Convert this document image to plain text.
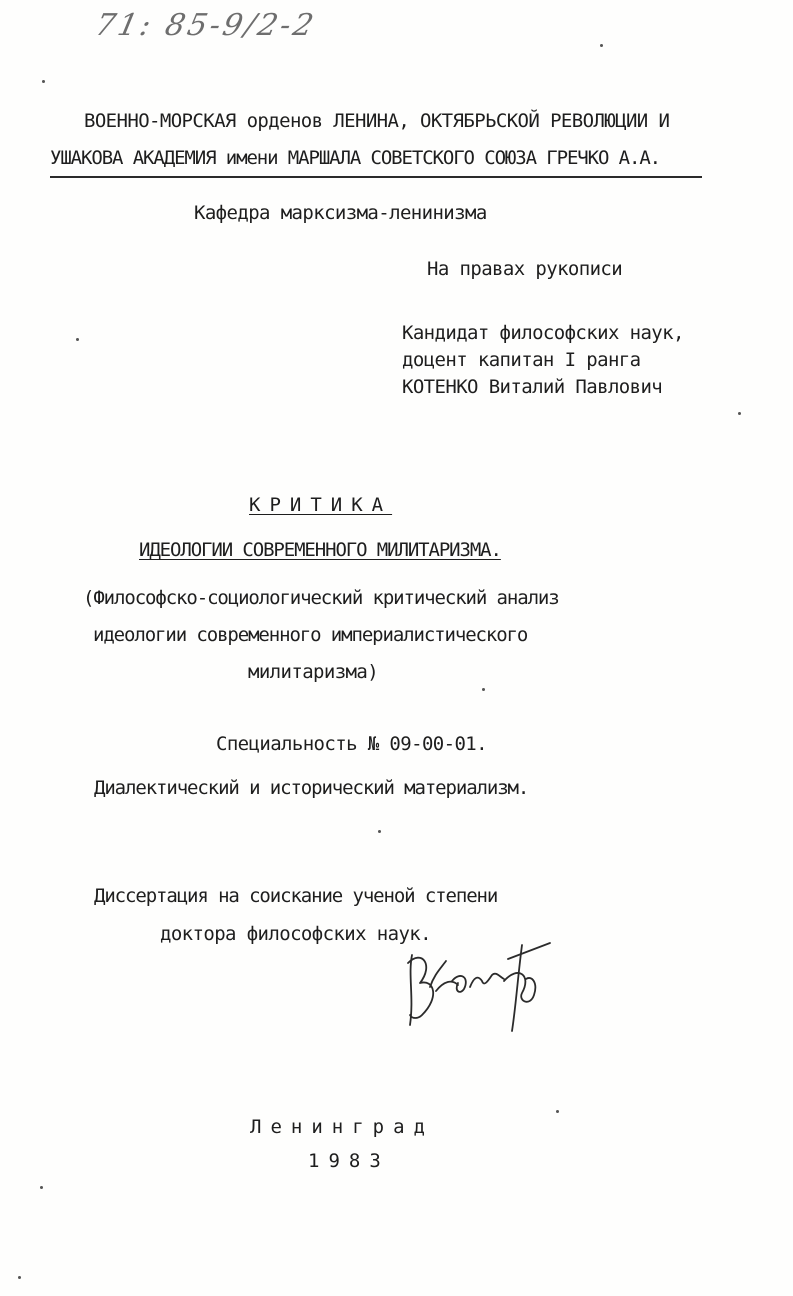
71: 85-9/2-2
ВОЕННО-МОРСКАЯ орденов ЛЕНИНА, ОКТЯБРЬСКОЙ РЕВОЛЮЦИИ И
УШАКОВА АКАДЕМИЯ имени МАРШАЛА СОВЕТСКОГО СОЮЗА ГРЕЧКО А.А.
Кафедра марксизма-ленинизма
На правах рукописи
Кандидат философских наук,
доцент капитан I ранга
КОТЕНКО Виталий Павлович
КРИТИКА
ИДЕОЛОГИИ СОВРЕМЕННОГО МИЛИТАРИЗМА.
(Философско-социологический критический анализ
идеологии современного империалистического
милитаризма)
Специальность № 09-00-01.
Диалектический и исторический материализм.
Диссертация на соискание ученой степени
доктора философских наук.
Ленинград
1983
